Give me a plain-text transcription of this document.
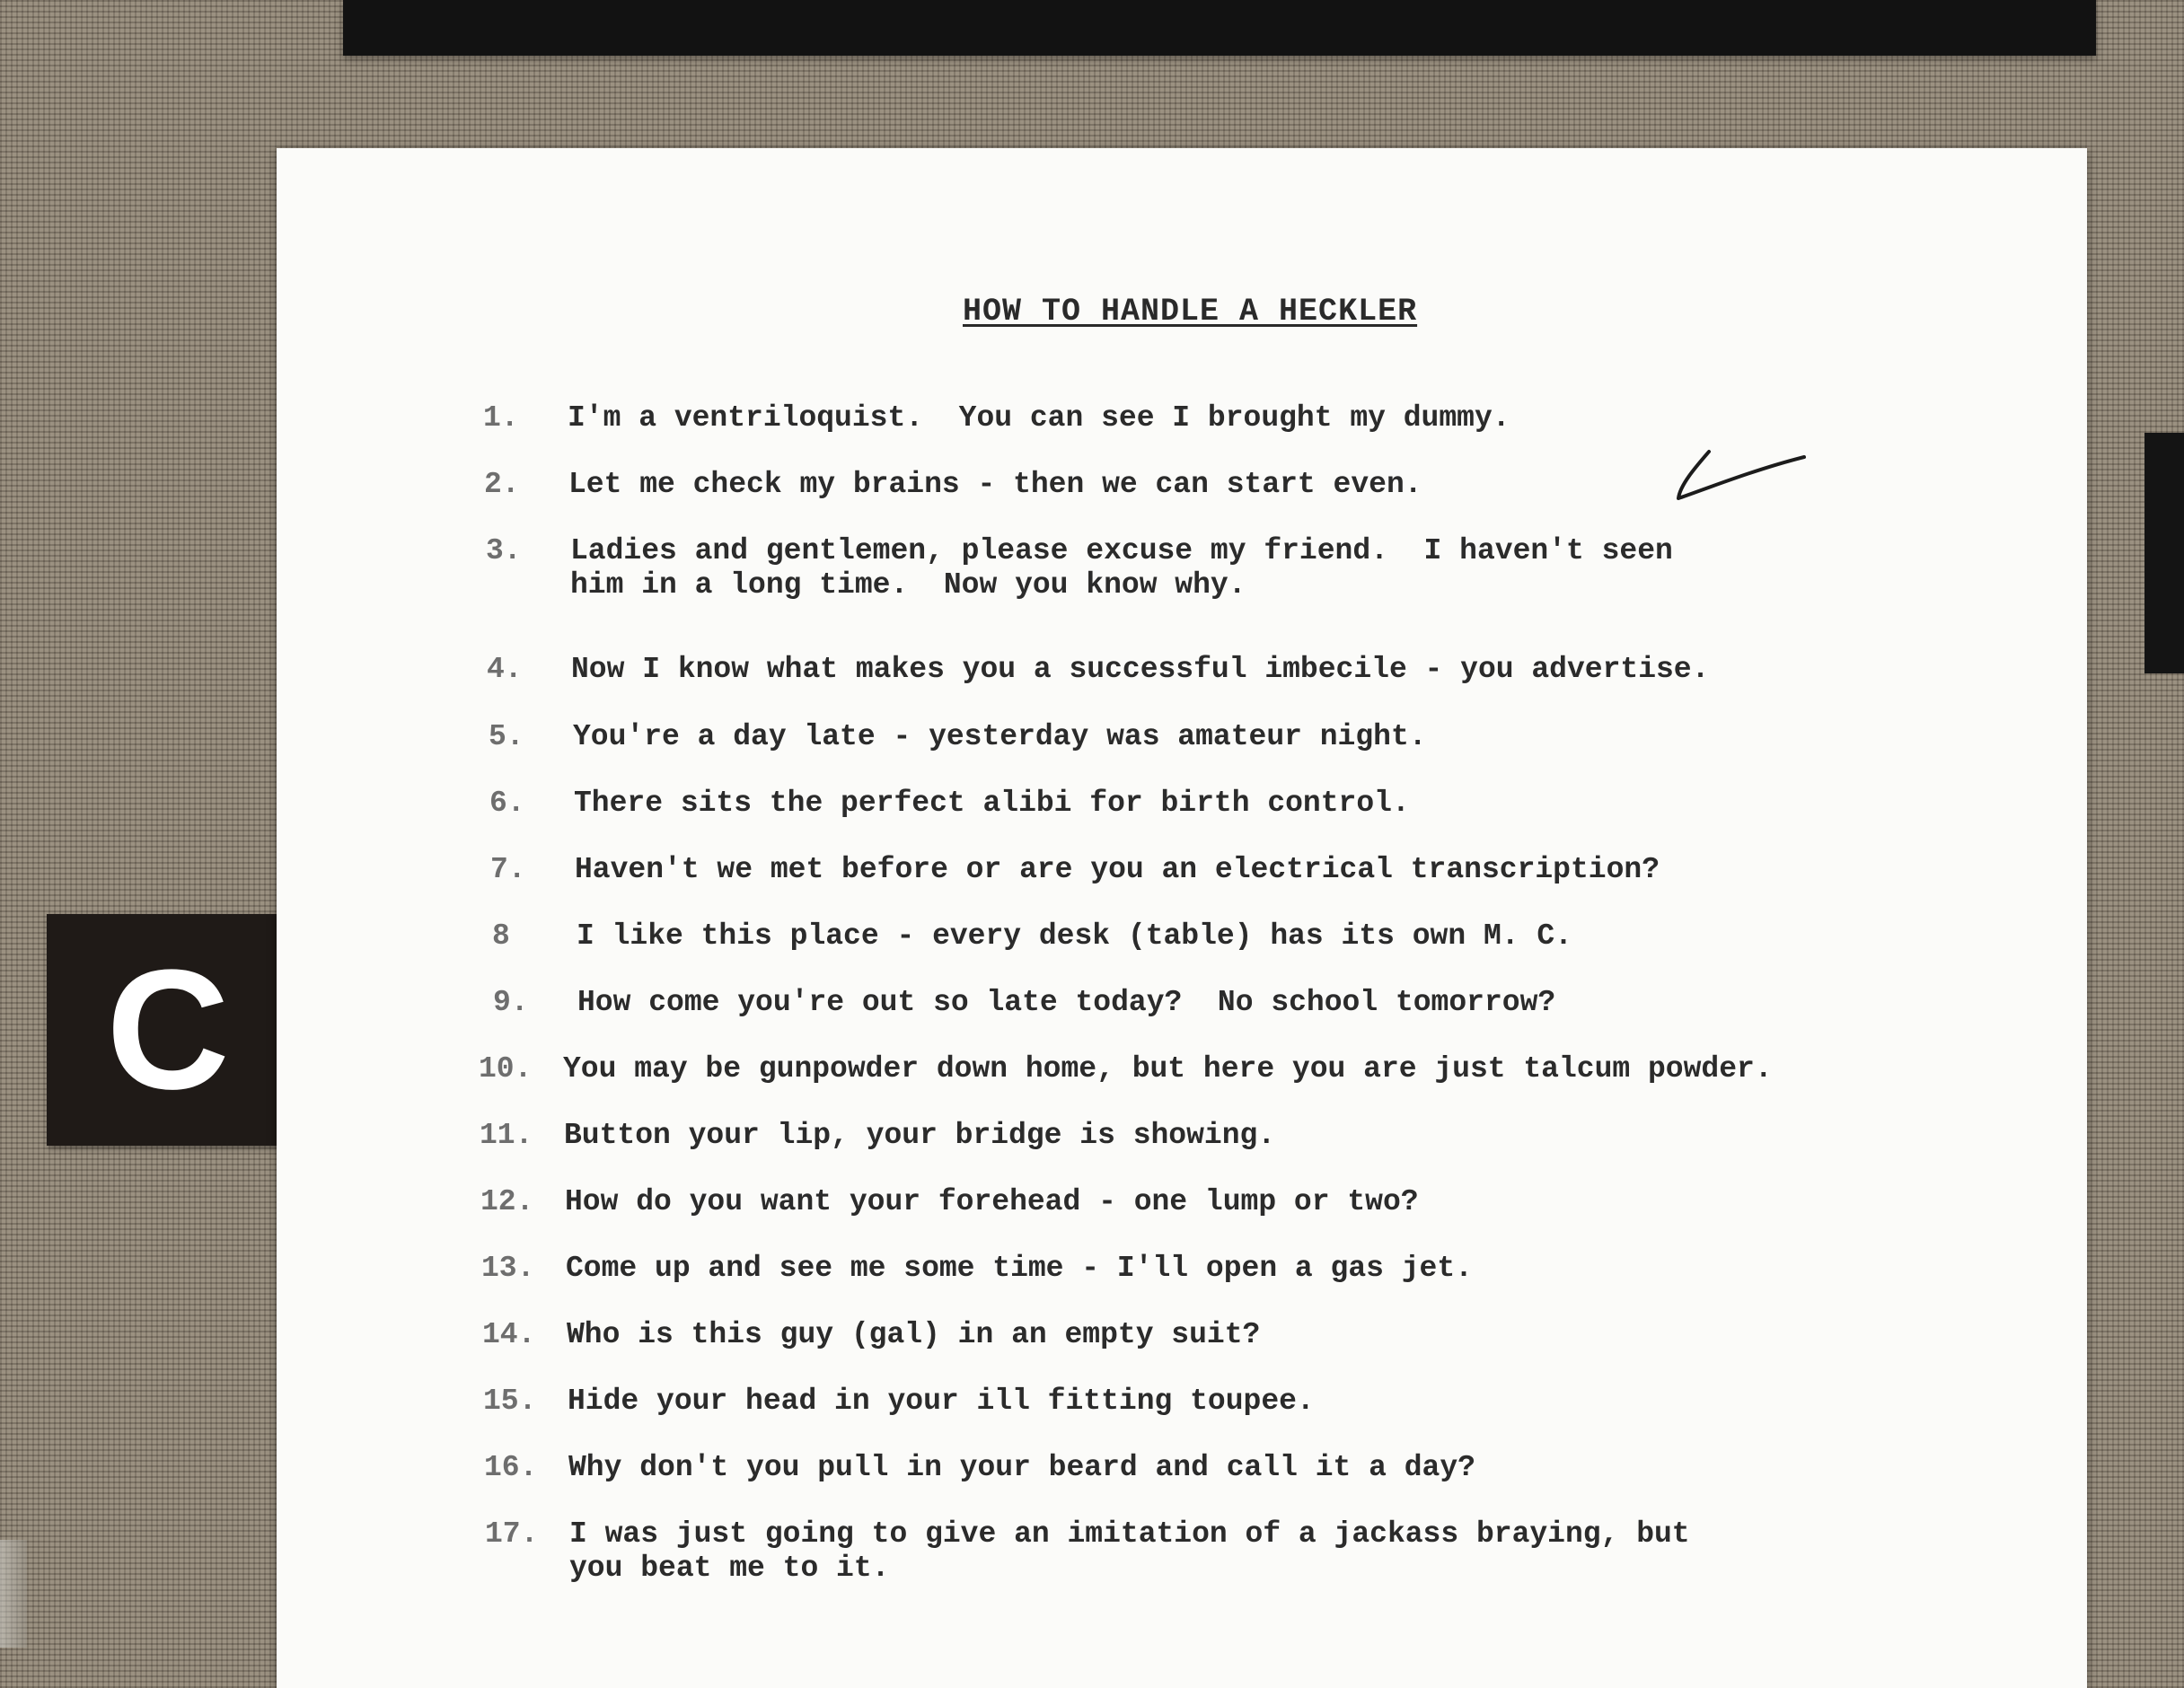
C
HOW TO HANDLE A HECKLER
1.	I'm a ventriloquist.  You can see I brought my dummy.
2.	Let me check my brains - then we can start even.
3.	Ladies and gentlemen, please excuse my friend.  I haven't seen
him in a long time.  Now you know why.
4.	Now I know what makes you a successful imbecile - you advertise.
5.	You're a day late - yesterday was amateur night.
6.	There sits the perfect alibi for birth control.
7.	Haven't we met before or are you an electrical transcription?
8	I like this place - every desk (table) has its own M. C.
9.	How come you're out so late today?  No school tomorrow?
10.	You may be gunpowder down home, but here you are just talcum powder.
11.	Button your lip, your bridge is showing.
12.	How do you want your forehead - one lump or two?
13.	Come up and see me some time - I'll open a gas jet.
14.	Who is this guy (gal) in an empty suit?
15.	Hide your head in your ill fitting toupee.
16.	Why don't you pull in your beard and call it a day?
17.	I was just going to give an imitation of a jackass braying, but
you beat me to it.
